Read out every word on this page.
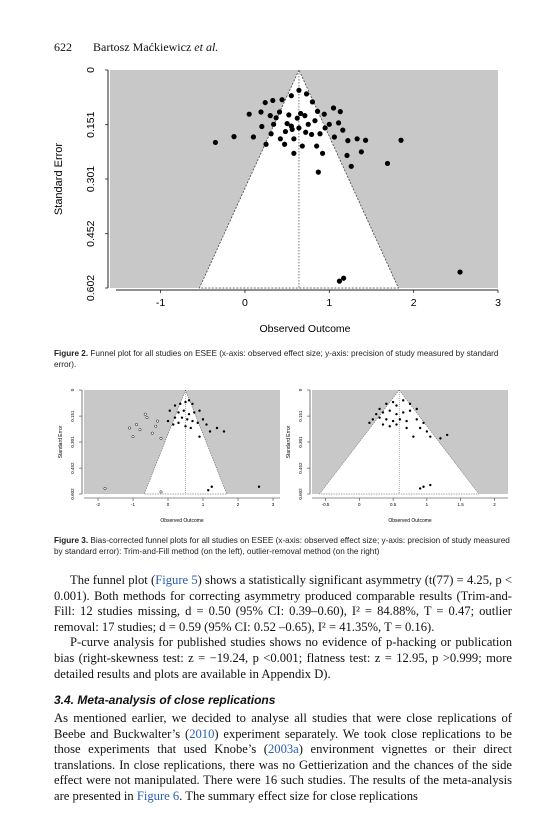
622 Bartosz Maćkiewicz et al.
Standard Error
Observed Outcome
0
0.151
0.301
0.452
0.602
-1	0	1	2	3
Figure 2. Funnel plot for all studies on ESEE (x-axis: observed effect size; y-axis: precision of study measured by standard error).
Standard Error
Observed Outcome
0
0.151
0.301
0.452
0.602
-2	-1	0	1	2	3
Standard Error
Observed Outcome
0
0.151
0.301
0.452
0.602
-0.5	0	0.5	1	1.5	2
Figure 3. Bias-corrected funnel plots for all studies on ESEE (x-axis: observed effect size; y-axis: precision of study measured by standard error): Trim-and-Fill method (on the left), outlier-removal method (on the right)

The funnel plot (Figure 5) shows a statistically significant asymmetry (t(77) = 4.25, p < 0.001). Both methods for correcting asymmetry produced comparable results (Trim-and-Fill: 12 studies missing, d = 0.50 (95% CI: 0.39–0.60), I² = 84.88%, T = 0.47; outlier removal: 17 studies; d = 0.59 (95% CI: 0.52 –0.65), I² = 41.35%, T = 0.16).

P-curve analysis for published studies shows no evidence of p-hacking or publication bias (right-skewness test: z = −19.24, p <0.001; flatness test: z = 12.95, p >0.999; more detailed results and plots are available in Appendix D).

3.4. Meta-analysis of close replications

As mentioned earlier, we decided to analyse all studies that were close replications of Beebe and Buckwalter’s (2010) experiment separately. We took close replications to be those experiments that used Knobe’s (2003a) environment vignettes or their direct translations. In close replications, there was no Gettierization and the chances of the side effect were not manipulated. There were 16 such studies. The results of the meta-analysis are presented in Figure 6. The summary effect size for close replications
